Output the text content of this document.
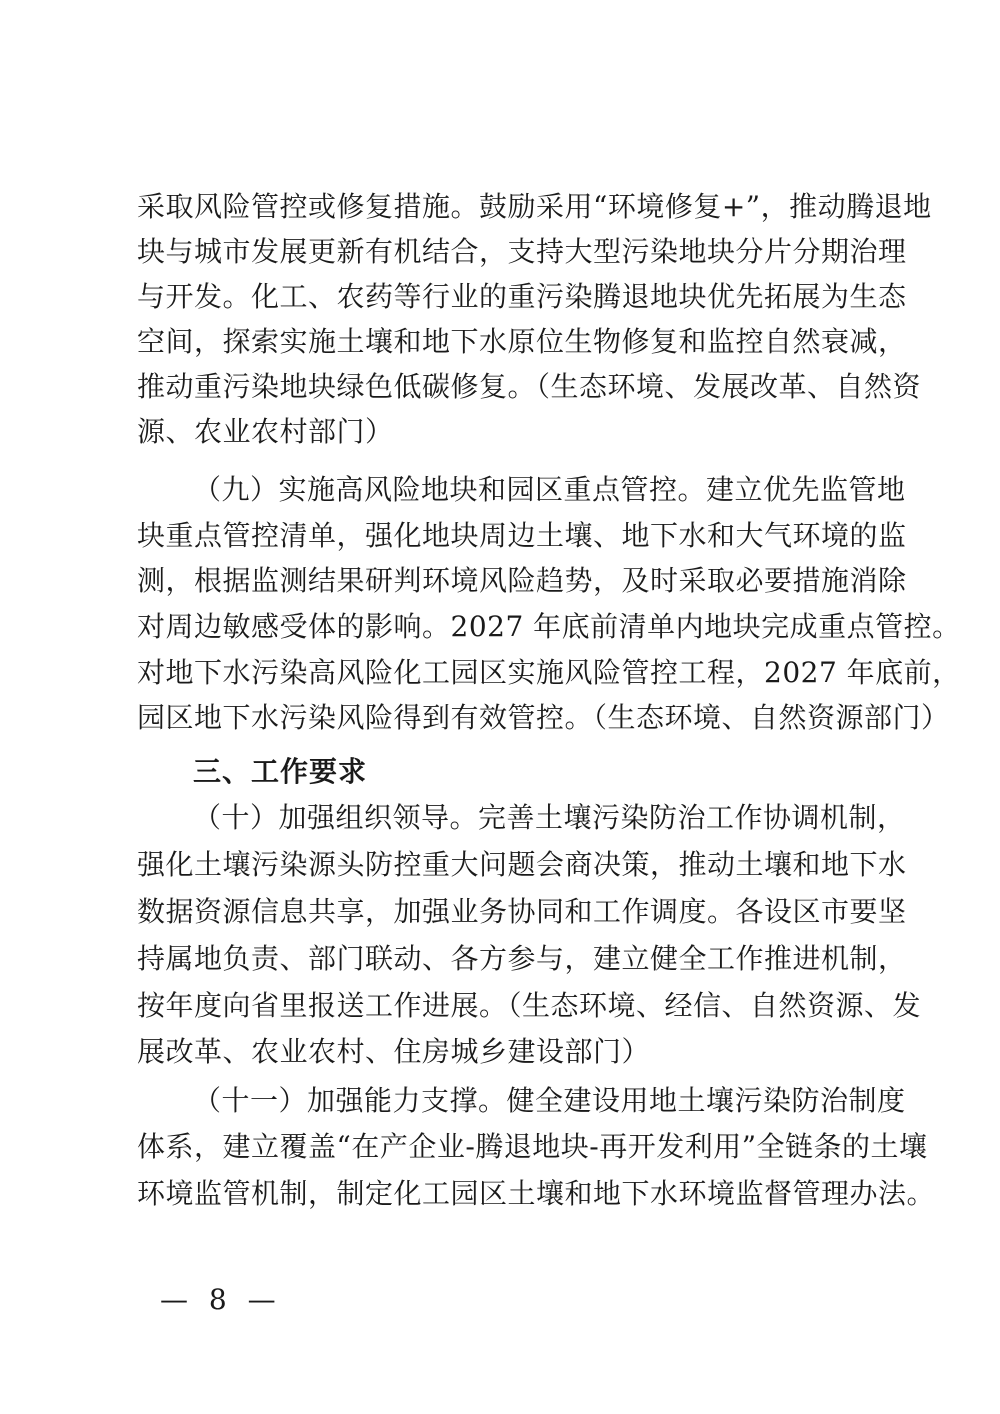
采取风险管控或修复措施。鼓励采用“环境修复+”，推动腾退地
块与城市发展更新有机结合，支持大型污染地块分片分期治理
与开发。化工、农药等行业的重污染腾退地块优先拓展为生态
空间，探索实施土壤和地下水原位生物修复和监控自然衰减，
推动重污染地块绿色低碳修复。（生态环境、发展改革、自然资
源、农业农村部门）
（九）实施高风险地块和园区重点管控。建立优先监管地
块重点管控清单，强化地块周边土壤、地下水和大气环境的监
测，根据监测结果研判环境风险趋势，及时采取必要措施消除
对周边敏感受体的影响。2027 年底前清单内地块完成重点管控。
对地下水污染高风险化工园区实施风险管控工程，2027 年底前，
园区地下水污染风险得到有效管控。（生态环境、自然资源部门）
三、工作要求
（十）加强组织领导。完善土壤污染防治工作协调机制，
强化土壤污染源头防控重大问题会商决策，推动土壤和地下水
数据资源信息共享，加强业务协同和工作调度。各设区市要坚
持属地负责、部门联动、各方参与，建立健全工作推进机制，
按年度向省里报送工作进展。（生态环境、经信、自然资源、发
展改革、农业农村、住房城乡建设部门）
（十一）加强能力支撑。健全建设用地土壤污染防治制度
体系，建立覆盖“在产企业-腾退地块-再开发利用”全链条的土壤
环境监管机制，制定化工园区土壤和地下水环境监督管理办法。
— 8 —
